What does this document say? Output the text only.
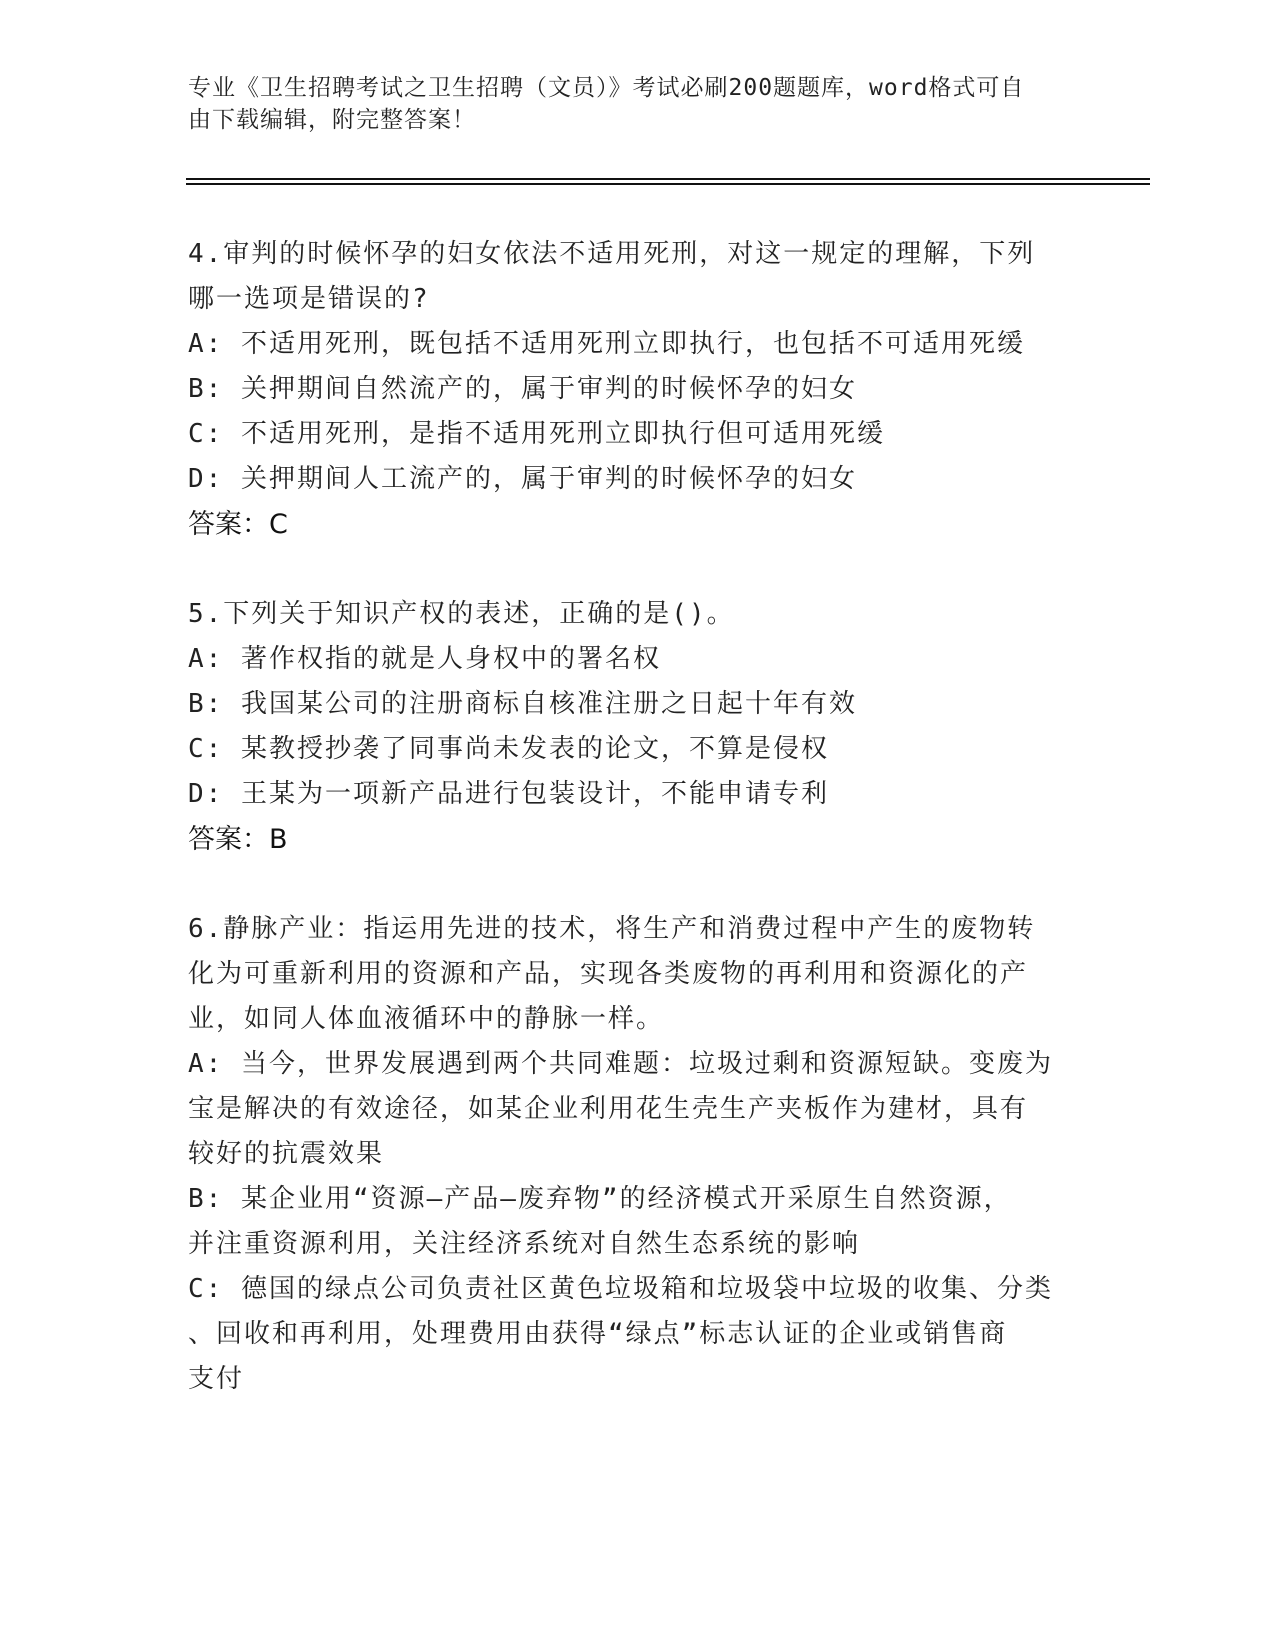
专业《卫生招聘考试之卫生招聘（文员）》考试必刷200题题库，word格式可自
由下载编辑，附完整答案！
4.审判的时候怀孕的妇女依法不适用死刑，对这一规定的理解，下列
哪一选项是错误的?
A: 不适用死刑，既包括不适用死刑立即执行，也包括不可适用死缓
B: 关押期间自然流产的，属于审判的时候怀孕的妇女
C: 不适用死刑，是指不适用死刑立即执行但可适用死缓
D: 关押期间人工流产的，属于审判的时候怀孕的妇女
答案：C
5.下列关于知识产权的表述，正确的是()。
A: 著作权指的就是人身权中的署名权
B: 我国某公司的注册商标自核准注册之日起十年有效
C: 某教授抄袭了同事尚未发表的论文，不算是侵权
D: 王某为一项新产品进行包装设计，不能申请专利
答案：B
6.静脉产业：指运用先进的技术，将生产和消费过程中产生的废物转
化为可重新利用的资源和产品，实现各类废物的再利用和资源化的产
业，如同人体血液循环中的静脉一样。
A: 当今，世界发展遇到两个共同难题：垃圾过剩和资源短缺。变废为
宝是解决的有效途径，如某企业利用花生壳生产夹板作为建材，具有
较好的抗震效果
B: 某企业用“资源—产品—废弃物”的经济模式开采原生自然资源，
并注重资源利用，关注经济系统对自然生态系统的影响
C: 德国的绿点公司负责社区黄色垃圾箱和垃圾袋中垃圾的收集、分类
、回收和再利用，处理费用由获得“绿点”标志认证的企业或销售商
支付
